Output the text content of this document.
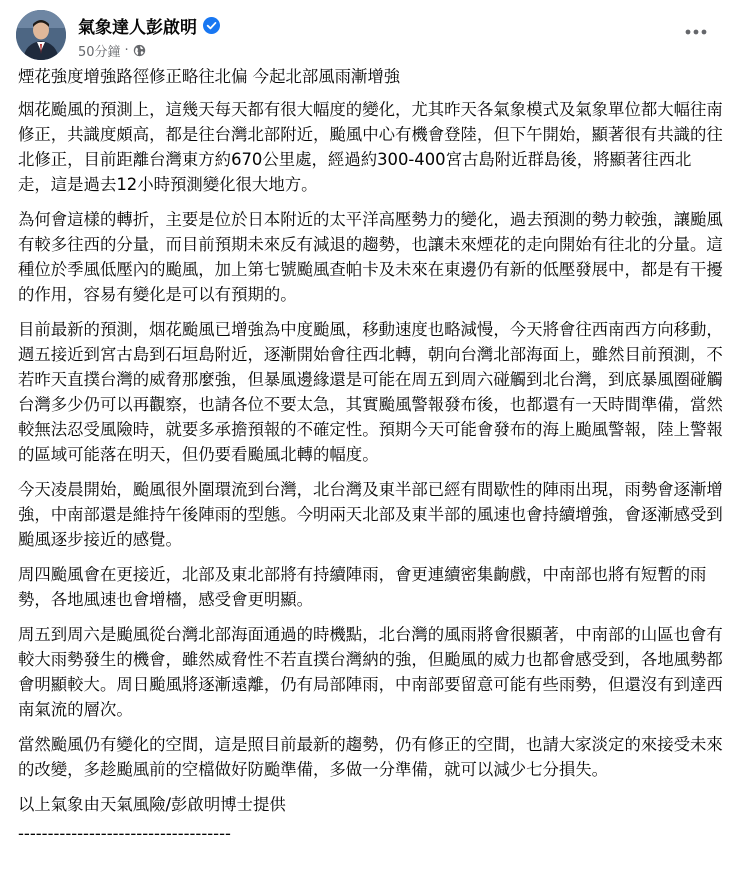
氣象達人彭啟明
50分鐘 ·

煙花強度增強路徑修正略往北偏 今起北部風雨漸增強

烟花颱風的預測上，這幾天每天都有很大幅度的變化，尤其昨天各氣象模式及氣象單位都大幅往南修正，共識度頗高，都是往台灣北部附近，颱風中心有機會登陸，但下午開始，顯著很有共識的往北修正，目前距離台灣東方約670公里處，經過約300-400宮古島附近群島後，將顯著往西北走，這是過去12小時預測變化很大地方。

為何會這樣的轉折，主要是位於日本附近的太平洋高壓勢力的變化，過去預測的勢力較強，讓颱風有較多往西的分量，而目前預期未來反有減退的趨勢，也讓未來煙花的走向開始有往北的分量。這種位於季風低壓內的颱風，加上第七號颱風查帕卡及未來在東邊仍有新的低壓發展中，都是有干擾的作用，容易有變化是可以有預期的。

目前最新的預測，烟花颱風已增強為中度颱風，移動速度也略減慢，今天將會往西南西方向移動，週五接近到宮古島到石垣島附近，逐漸開始會往西北轉，朝向台灣北部海面上，雖然目前預測，不若昨天直撲台灣的威脅那麼強，但暴風邊緣還是可能在周五到周六碰觸到北台灣，到底暴風圈碰觸台灣多少仍可以再觀察，也請各位不要太急，其實颱風警報發布後，也都還有一天時間準備，當然較無法忍受風險時，就要多承擔預報的不確定性。預期今天可能會發布的海上颱風警報，陸上警報的區域可能落在明天，但仍要看颱風北轉的幅度。

今天凌晨開始，颱風很外圍環流到台灣，北台灣及東半部已經有間歇性的陣雨出現，雨勢會逐漸增強，中南部還是維持午後陣雨的型態。今明兩天北部及東半部的風速也會持續增強，會逐漸感受到颱風逐步接近的感覺。

周四颱風會在更接近，北部及東北部將有持續陣雨，會更連續密集齣戲，中南部也將有短暫的雨勢，各地風速也會增檣，感受會更明顯。

周五到周六是颱風從台灣北部海面通過的時機點，北台灣的風雨將會很顯著，中南部的山區也會有較大雨勢發生的機會，雖然威脅性不若直撲台灣納的強，但颱風的威力也都會感受到，各地風勢都會明顯較大。周日颱風將逐漸遠離，仍有局部陣雨，中南部要留意可能有些雨勢，但還沒有到達西南氣流的層次。

當然颱風仍有變化的空間，這是照目前最新的趨勢，仍有修正的空間，也請大家淡定的來接受未來的改變，多趁颱風前的空檔做好防颱準備，多做一分準備，就可以減少七分損失。

以上氣象由天氣風險/彭啟明博士提供

------------------------------------
